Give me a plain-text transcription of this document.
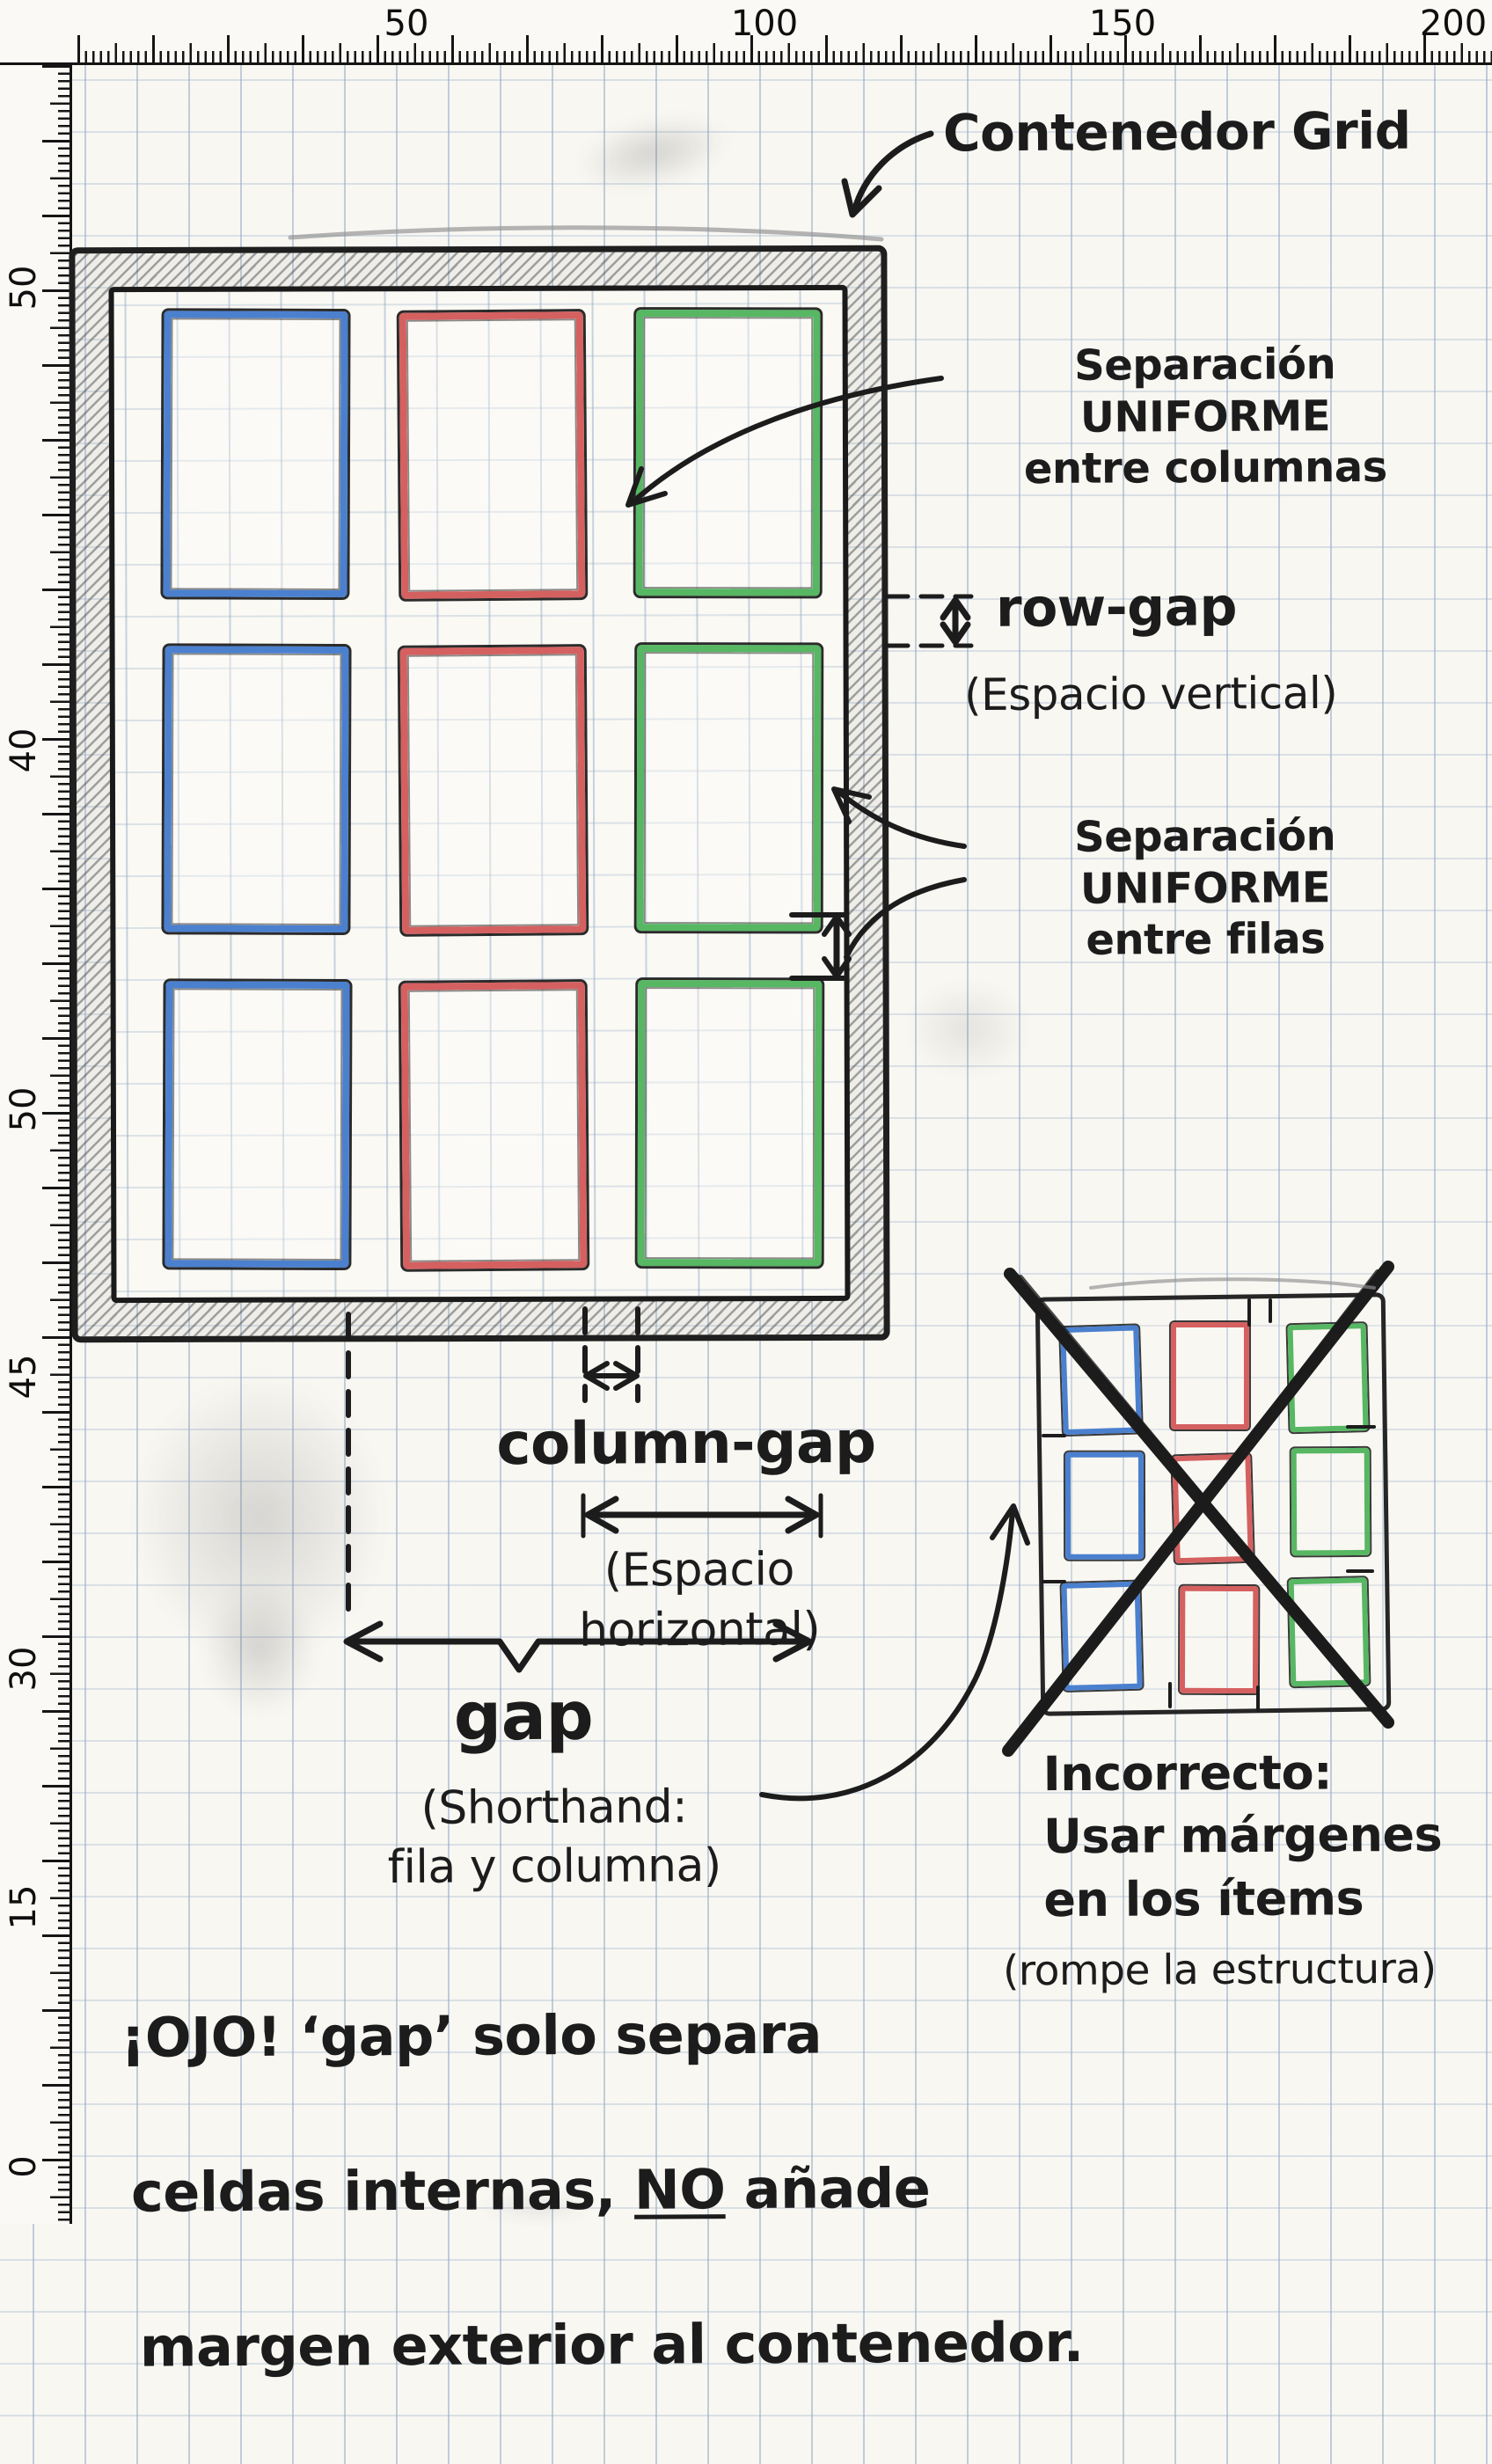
50	100	150	200
50
40
50
45
30
15
0
Contenedor Grid
Separación UNIFORME
entre columnas
row-gap
(Espacio vertical)
Separación UNIFORME
entre filas
column-gap
(Espacio
horizontal)
gap
(Shorthand:
fila y columna)
Incorrecto:
Usar márgenes
en los ítems
(rompe la estructura)

¡OJO! ‘gap’ solo separa

celdas internas, NO añade

margen exterior al contenedor.
